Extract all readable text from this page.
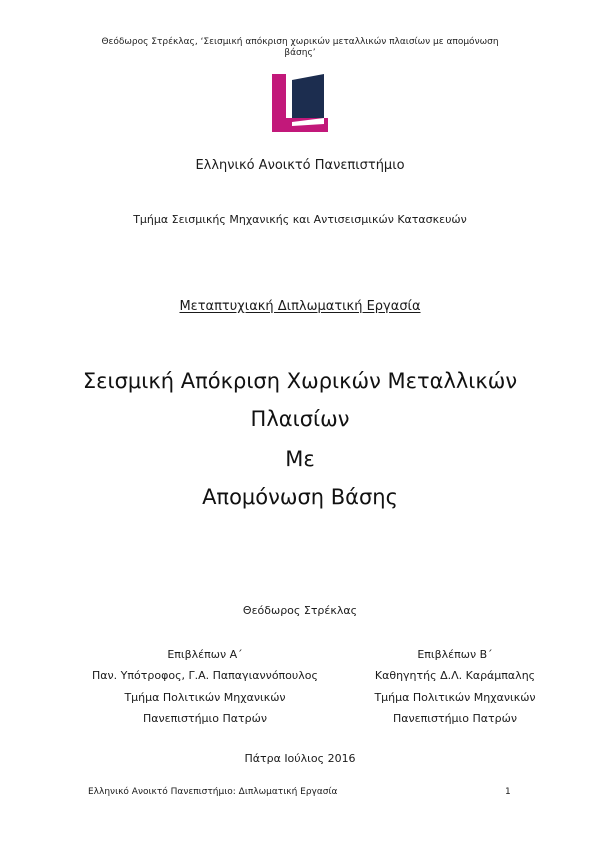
Θεόδωρος Στρέκλας, ‘Σεισμική απόκριση χωρικών μεταλλικών πλαισίων με απομόνωση βάσης’
Ελληνικό Ανοικτό Πανεπιστήμιο
Τμήμα Σεισμικής Μηχανικής και Αντισεισμικών Κατασκευών
Μεταπτυχιακή Διπλωματική Εργασία
Σεισμική Απόκριση Χωρικών Μεταλλικών
Πλαισίων
Με
Απομόνωση Βάσης
Θεόδωρος Στρέκλας
Επιβλέπων Α΄
Παν. Υπότροφος, Γ.Α. Παπαγιαννόπουλος
Τμήμα Πολιτικών Μηχανικών
Πανεπιστήμιο Πατρών
Επιβλέπων Β΄
Καθηγητής Δ.Λ. Καράμπαλης
Τμήμα Πολιτικών Μηχανικών
Πανεπιστήμιο Πατρών
Πάτρα Ιούλιος 2016
Ελληνικό Ανοικτό Πανεπιστήμιο: Διπλωματική Εργασία	1
